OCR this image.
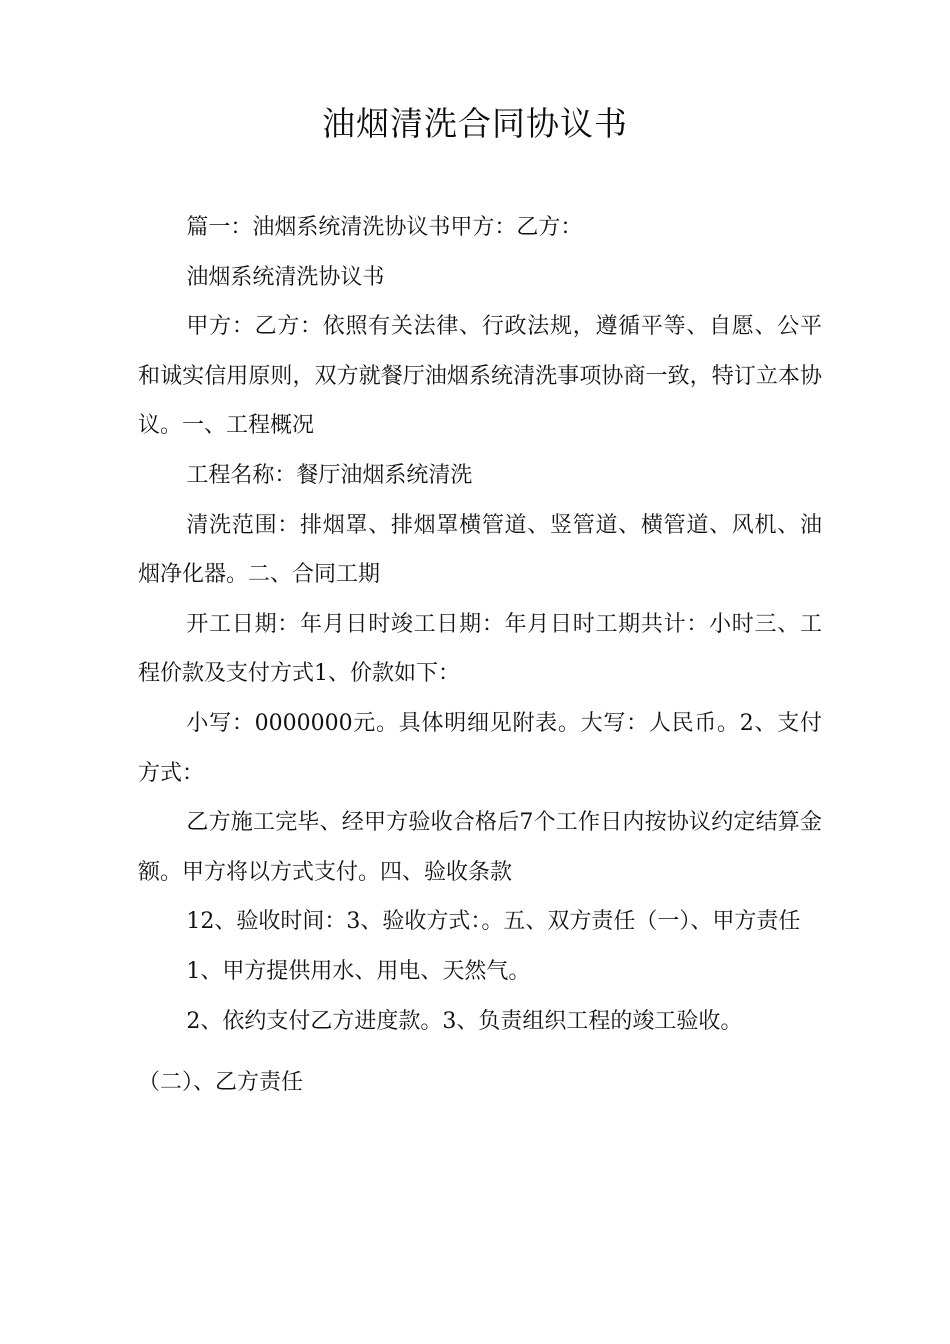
油烟清洗合同协议书

篇一：油烟系统清洗协议书甲方：乙方：

油烟系统清洗协议书

甲方：乙方：依照有关法律、行政法规，遵循平等、自愿、公平和诚实信用原则，双方就餐厅油烟系统清洗事项协商一致，特订立本协议。一、工程概况

工程名称：餐厅油烟系统清洗

清洗范围：排烟罩、排烟罩横管道、竖管道、横管道、风机、油烟净化器。二、合同工期

开工日期：年月日时竣工日期：年月日时工期共计：小时三、工程价款及支付方式1、价款如下：

小写：0000000元。具体明细见附表。大写：人民币。2、支付方式：

乙方施工完毕、经甲方验收合格后7个工作日内按协议约定结算金额。甲方将以方式支付。四、验收条款

12、验收时间：3、验收方式：。五、双方责任（一）、甲方责任

1、甲方提供用水、用电、天然气。

2、依约支付乙方进度款。3、负责组织工程的竣工验收。

（二）、乙方责任
